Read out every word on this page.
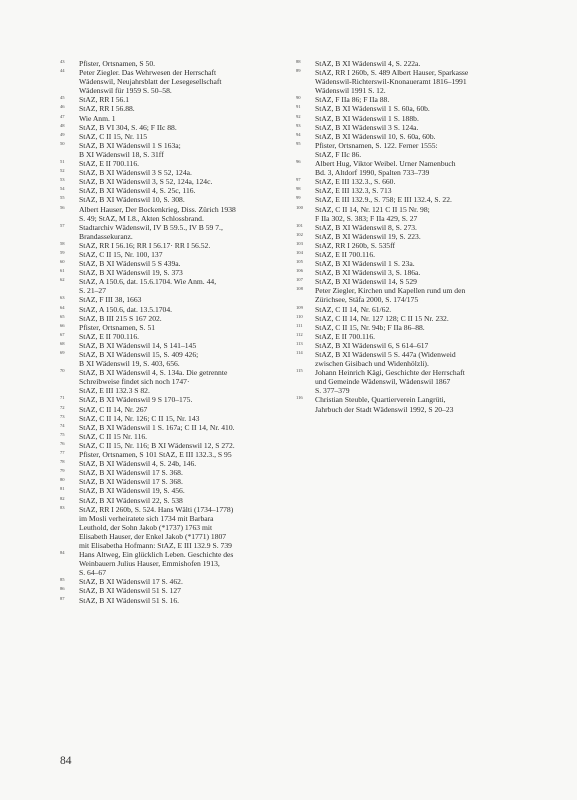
43 Pfister, Ortsnamen, S 50.
44 Peter Ziegler. Das Wehrwesen der Herrschaft
Wädenswil, Neujahrsblatt der Lesegesellschaft
Wädenswil für 1959 S. 50–58.
45 StAZ, RR I 56.1
46 StAZ, RR I 56.88.
47 Wie Anm. 1
48 StAZ, B VI 304, S. 46; F IIc 88.
49 StAZ, C II 15, Nr. 115
50 StAZ, B XI Wädenswil 1 S 163a;
B XI Wädenswil 18, S. 31ff
51 StAZ, E II 700.116.
52 StAZ, B XI Wädenswil 3 S 52, 124a.
53 StAZ, B XI Wädenswil 3, S 52, 124a, 124c.
54 StAZ, B XI Wädenswil 4, S. 25c, 116.
55 StAZ, B XI Wädenswil 10, S. 308.
56 Albert Hauser, Der Bockenkrieg, Diss. Zürich 1938
S. 49; StAZ, M I.8., Akten Schlossbrand.
57 Stadtarchiv Wädenswil, IV B 59.5., IV B 59 7.,
Brandassekuranz.
58 StAZ, RR I 56.16; RR I 56.17· RR I 56.52.
59 StAZ, C II 15, Nr. 100, 137
60 StAZ, B XI Wädenswil 5 S 439a.
61 StAZ, B XI Wädenswil 19, S. 373
62 StAZ, A 150.6, dat. 15.6.1704. Wie Anm. 44,
S. 21–27
63 StAZ, F III 38, 1663
64 StAZ, A 150.6, dat. 13.5.1704.
65 StAZ, B III 215 S 167 202.
66 Pfister, Ortsnamen, S. 51
67 StAZ, E II 700.116.
68 StAZ, B XI Wädenswil 14, S 141–145
69 StAZ, B XI Wädenswil 15, S. 409 426;
B XI Wädenswil 19, S. 403, 656.
70 StAZ, B XI Wädenswil 4, S. 134a. Die getrennte
Schreibweise findet sich noch 1747·
StAZ, E III 132.3 S 82.
71 StAZ, B XI Wädenswil 9 S 170–175.
72 StAZ, C II 14, Nr. 267
73 StAZ, C II 14, Nr. 126; C II 15, Nr. 143
74 StAZ, B XI Wädenswil 1 S. 167a; C II 14, Nr. 410.
75 StAZ, C II 15 Nr. 116.
76 StAZ, C II 15, Nr. 116; B XI Wädenswil 12, S 272.
77 Pfister, Ortsnamen, S 101 StAZ, E III 132.3., S 95
78 StAZ, B XI Wädenswil 4, S. 24b, 146.
79 StAZ, B XI Wädenswil 17 S. 368.
80 StAZ, B XI Wädenswil 17 S. 368.
81 StAZ, B XI Wädenswil 19, S. 456.
82 StAZ, B XI Wädenswil 22, S. 538
83 StAZ, RR I 260b, S. 524. Hans Wälti (1734–1778)
im Mosli verheiratete sich 1734 mit Barbara
Leuthold, der Sohn Jakob (*1737) 1763 mit
Elisabeth Hauser, der Enkel Jakob (*1771) 1807
mit Elisabetha Hofmann: StAZ, E III 132.9 S. 739
84 Hans Altweg, Ein glücklich Leben. Geschichte des
Weinbauern Julius Hauser, Emmishofen 1913,
S. 64–67
85 StAZ, B XI Wädenswil 17 S. 462.
86 StAZ, B XI Wädenswil 51 S. 127
87 StAZ, B XI Wädenswil 51 S. 16.
88 StAZ, B XI Wädenswil 4, S. 222a.
89 StAZ, RR I 260b, S. 489 Albert Hauser, Sparkasse
Wädenswil-Richterswil-Knonaueramt 1816–1991
Wädenswil 1991 S. 12.
90 StAZ, F IIa 86; F IIa 88.
91 StAZ, B XI Wädenswil 1 S. 60a, 60b.
92 StAZ, B XI Wädenswil 1 S. 188b.
93 StAZ, B XI Wädenswil 3 S. 124a.
94 StAZ, B XI Wädenswil 10, S. 60a, 60b.
95 Pfister, Ortsnamen, S. 122. Ferner 1555:
StAZ, F IIc 86.
96 Albert Hug, Viktor Weibel. Urner Namenbuch
Bd. 3, Altdorf 1990, Spalten 733–739
97 StAZ, E III 132.3., S. 660.
98 StAZ, E III 132.3, S. 713
99 StAZ, E III 132.9., S. 758; E III 132.4, S. 22.
100 StAZ, C II 14, Nr. 121 C II 15 Nr. 98;
F IIa 302, S. 383; F IIa 429, S. 27
101 StAZ, B XI Wädenswil 8, S. 273.
102 StAZ, B XI Wädenswil 19, S. 223.
103 StAZ, RR I 260b, S. 535ff
104 StAZ, E II 700.116.
105 StAZ, B XI Wädenswil 1 S. 23a.
106 StAZ, B XI Wädenswil 3, S. 186a.
107 StAZ, B XI Wädenswil 14, S 529
108 Peter Ziegler, Kirchen und Kapellen rund um den
Zürichsee, Stäfa 2000, S. 174/175
109 StAZ, C II 14, Nr. 61/62.
110 StAZ, C II 14, Nr. 127 128; C II 15 Nr. 232.
111 StAZ, C II 15, Nr. 94b; F IIa 86–88.
112 StAZ, E II 700.116.
113 StAZ, B XI Wädenswil 6, S 614–617
114 StAZ, B XI Wädenswil 5 S. 447a (Widenweid
zwischen Gisibach und Widenhölzli).
115 Johann Heinrich Kägi, Geschichte der Herrschaft
und Gemeinde Wädenswil, Wädenswil 1867
S. 377–379
116 Christian Steuble, Quartierverein Langrüti,
Jahrbuch der Stadt Wädenswil 1992, S 20–23
84
